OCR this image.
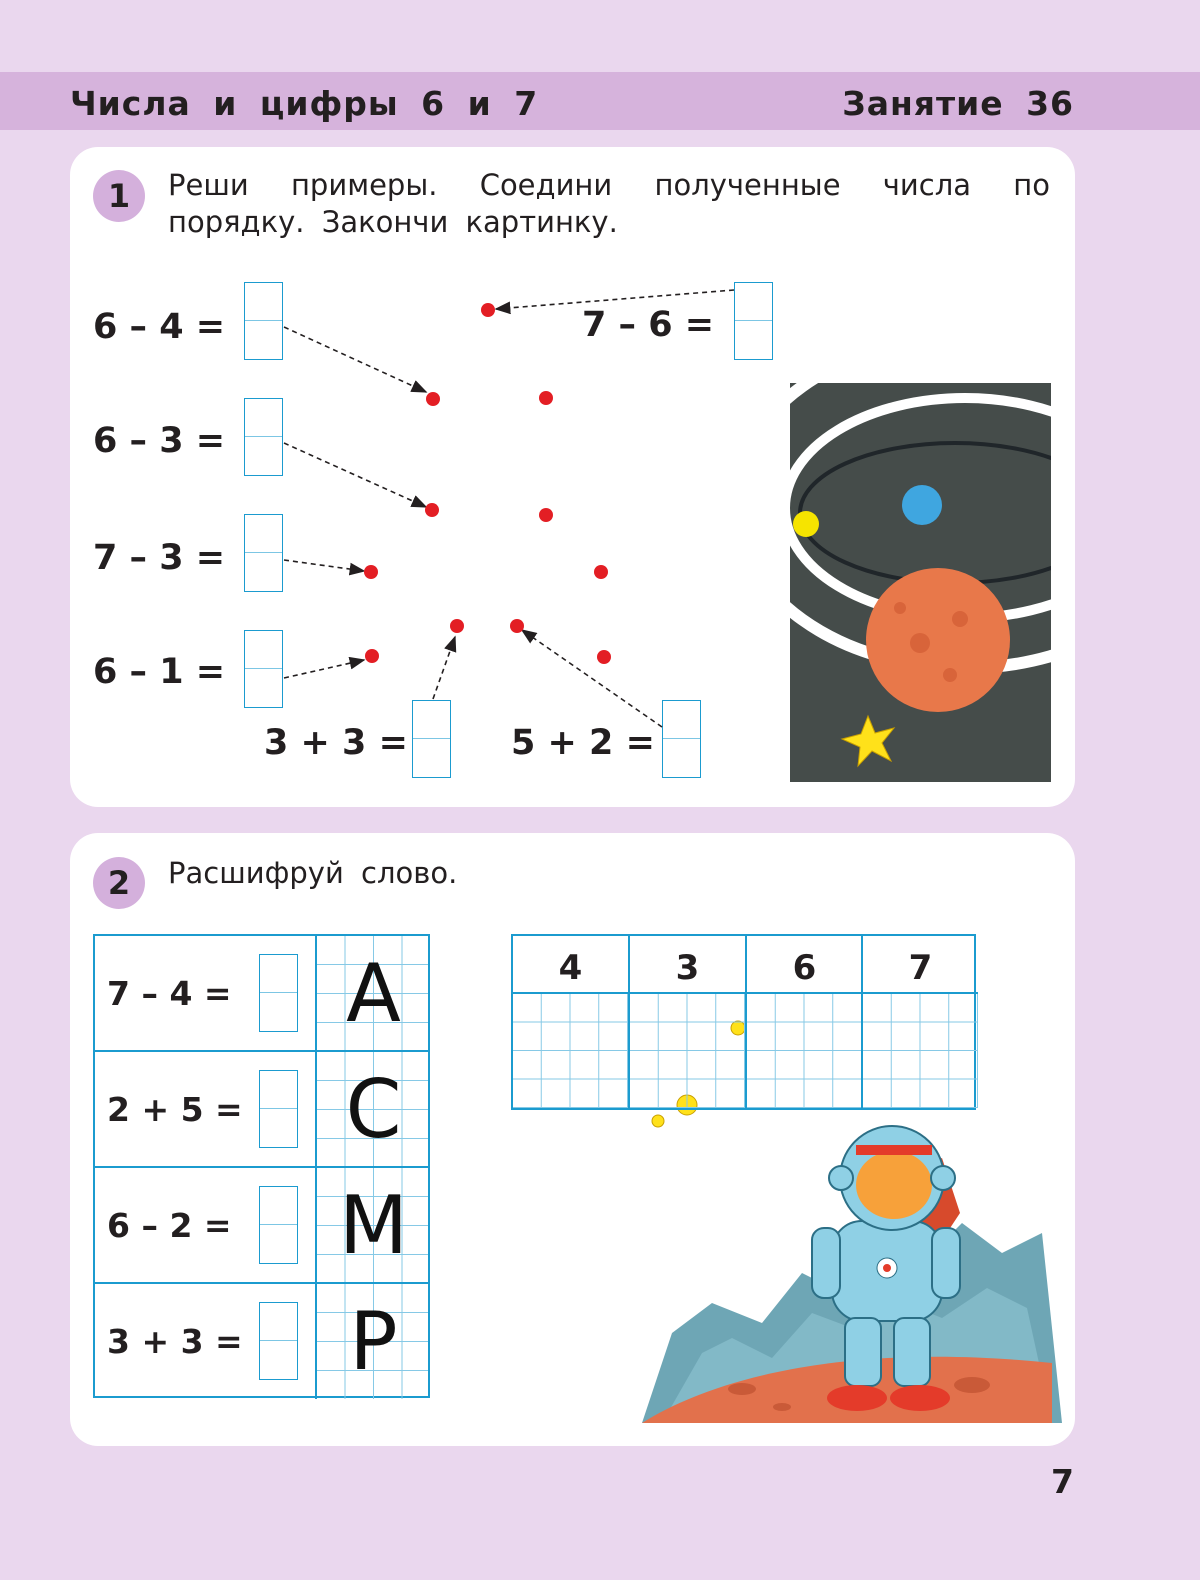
Числа и цифры 6 и 7	Занятие 36
1	Реши примеры. Соедини полученные числа по порядку. Закончи картинку.
6 – 4 =
6 – 3 =
7 – 3 =
6 – 1 =
7 – 6 =
3 + 3 =	5 + 2 =
2	Расшифруй слово.
7 – 4 =	А
2 + 5 =	С
6 – 2 = М
3 + 3 =	Р
4	3	6	7
7
